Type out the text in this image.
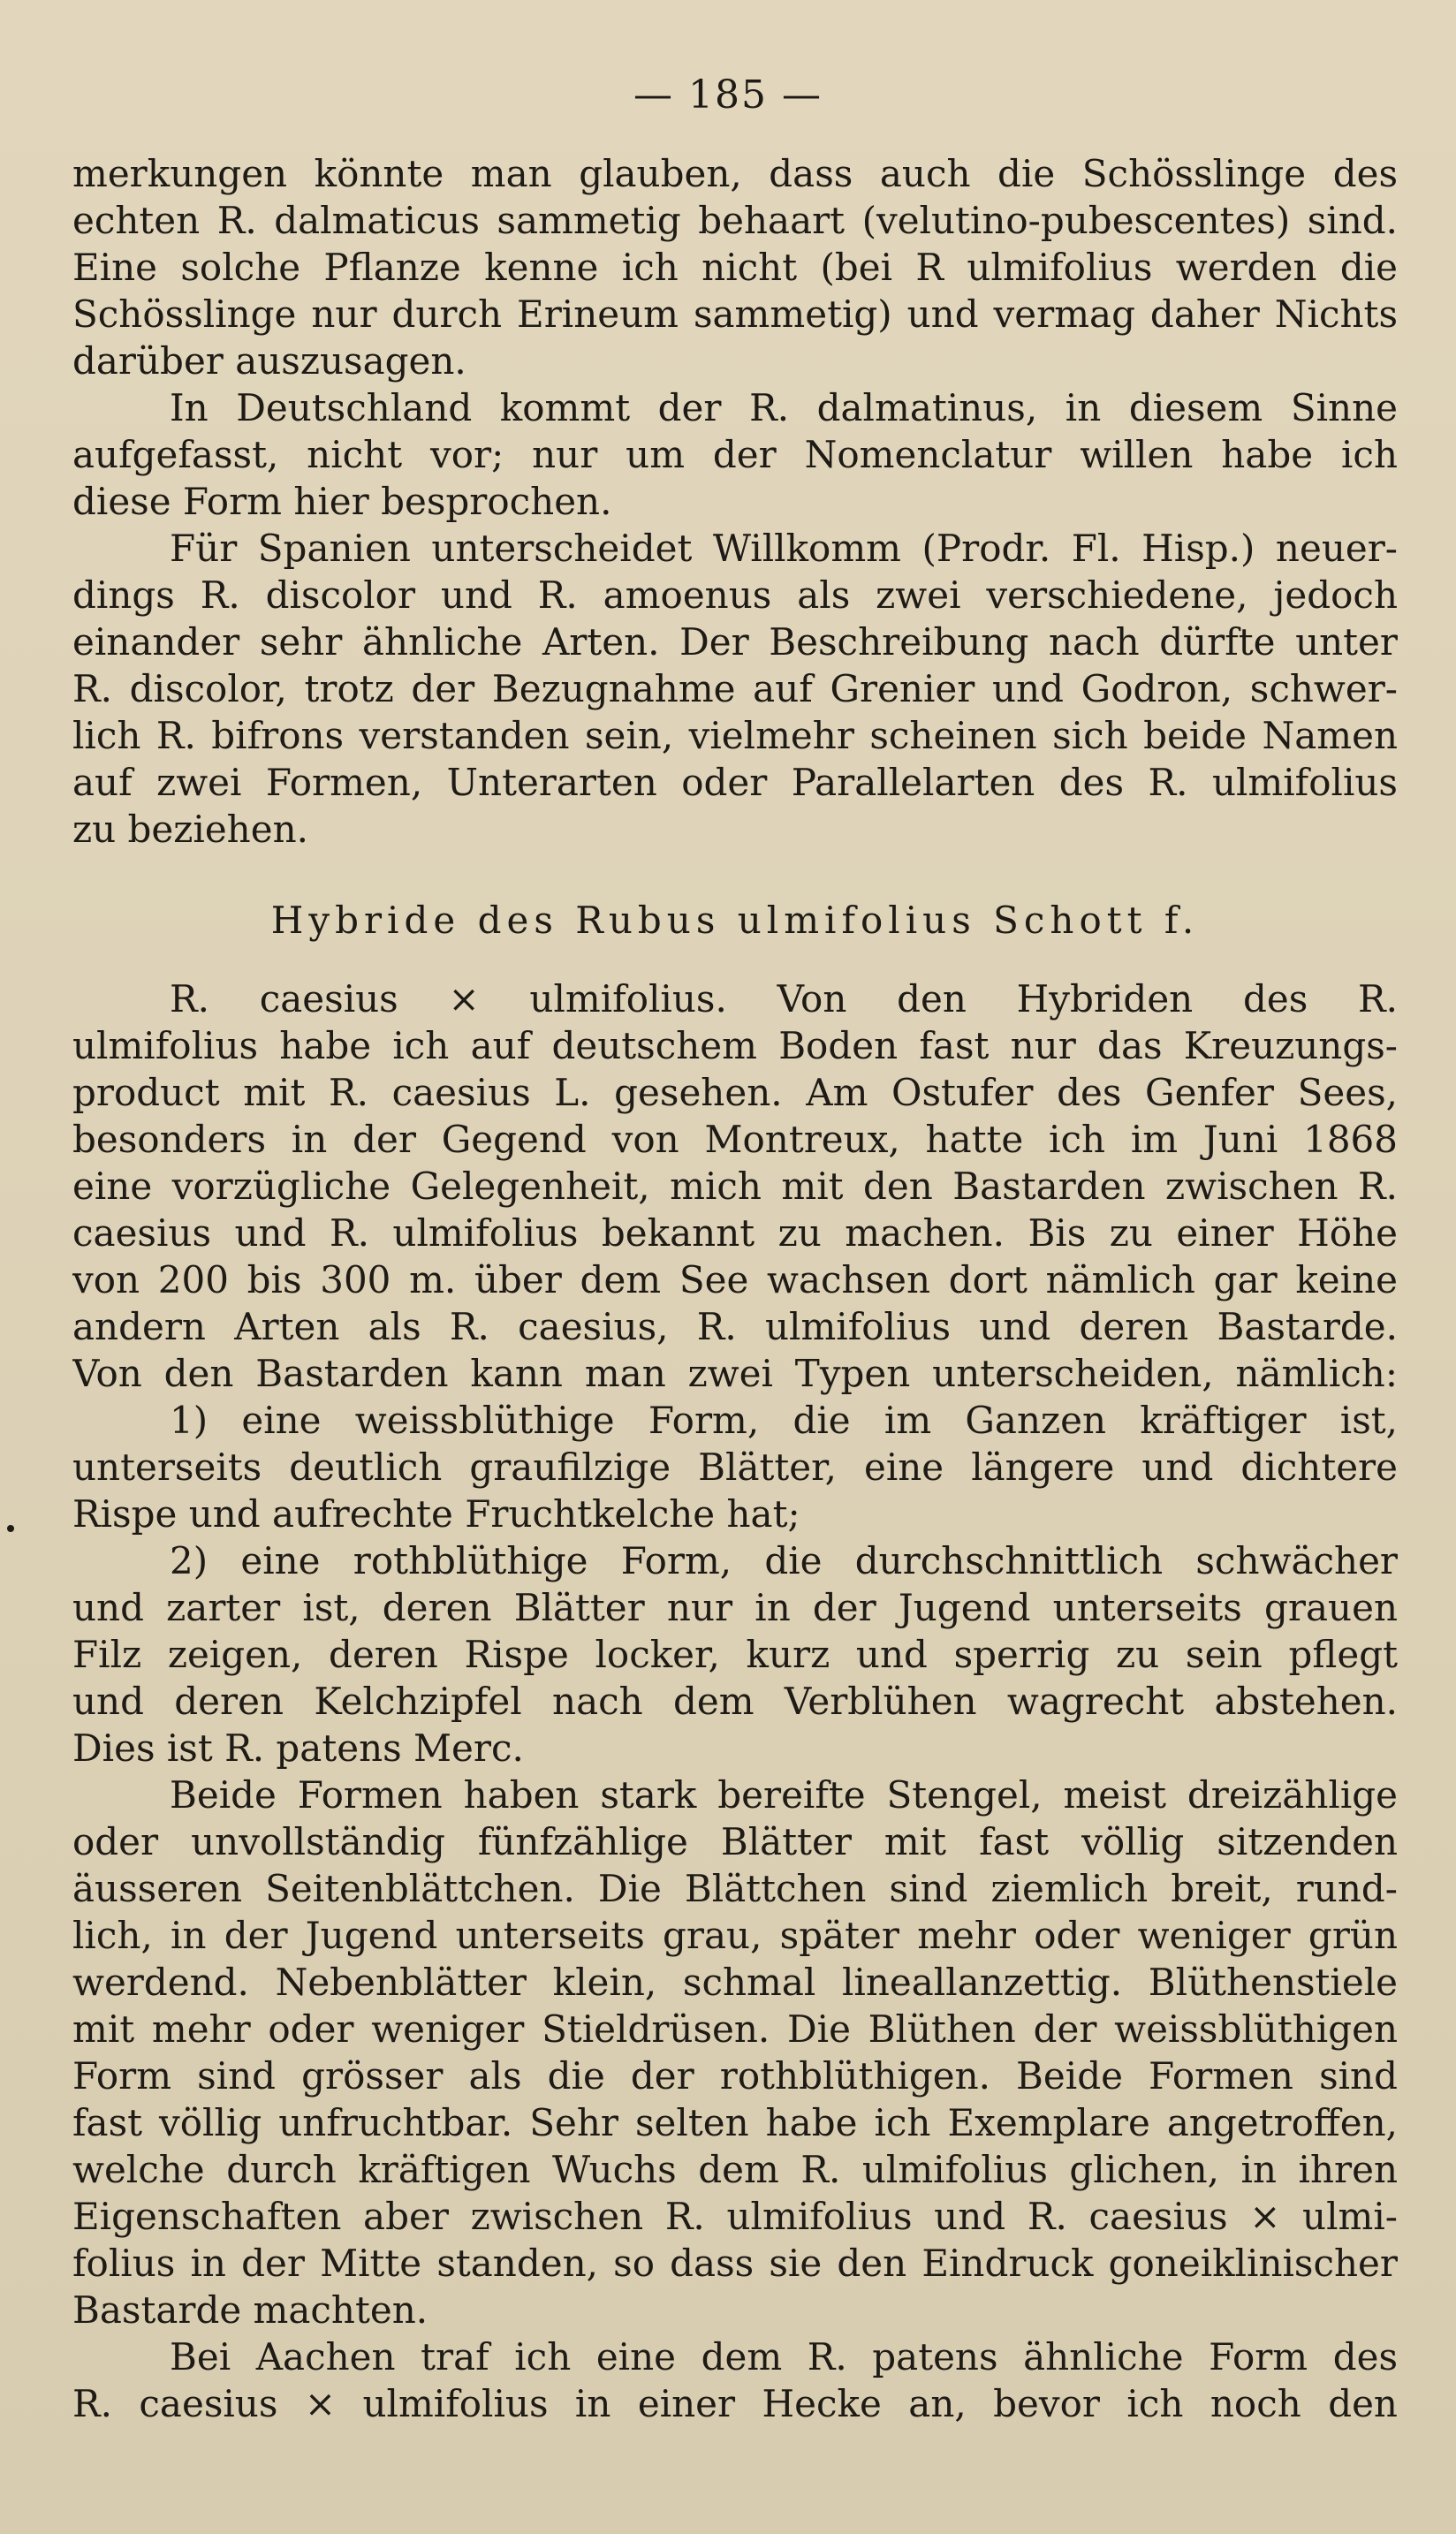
— 185 —
merkungen könnte man glauben, dass auch die Schösslinge des
echten R. dalmaticus sammetig behaart (velutino-pubescentes) sind.
Eine solche Pflanze kenne ich nicht (bei R ulmifolius werden die
Schösslinge nur durch Erineum sammetig) und vermag daher Nichts
darüber auszusagen.
In Deutschland kommt der R. dalmatinus, in diesem Sinne
aufgefasst, nicht vor; nur um der Nomenclatur willen habe ich
diese Form hier besprochen.
Für Spanien unterscheidet Willkomm (Prodr. Fl. Hisp.) neuer-
dings R. discolor und R. amoenus als zwei verschiedene, jedoch
einander sehr ähnliche Arten. Der Beschreibung nach dürfte unter
R. discolor, trotz der Bezugnahme auf Grenier und Godron, schwer-
lich R. bifrons verstanden sein, vielmehr scheinen sich beide Namen
auf zwei Formen, Unterarten oder Parallelarten des R. ulmifolius
zu beziehen.
Hybride des Rubus ulmifolius Schott f.
R. caesius × ulmifolius. Von den Hybriden des R.
ulmifolius habe ich auf deutschem Boden fast nur das Kreuzungs-
product mit R. caesius L. gesehen. Am Ostufer des Genfer Sees,
besonders in der Gegend von Montreux, hatte ich im Juni 1868
eine vorzügliche Gelegenheit, mich mit den Bastarden zwischen R.
caesius und R. ulmifolius bekannt zu machen. Bis zu einer Höhe
von 200 bis 300 m. über dem See wachsen dort nämlich gar keine
andern Arten als R. caesius, R. ulmifolius und deren Bastarde.
Von den Bastarden kann man zwei Typen unterscheiden, nämlich:
1) eine weissblüthige Form, die im Ganzen kräftiger ist,
unterseits deutlich graufilzige Blätter, eine längere und dichtere
Rispe und aufrechte Fruchtkelche hat;
2) eine rothblüthige Form, die durchschnittlich schwächer
und zarter ist, deren Blätter nur in der Jugend unterseits grauen
Filz zeigen, deren Rispe locker, kurz und sperrig zu sein pflegt
und deren Kelchzipfel nach dem Verblühen wagrecht abstehen.
Dies ist R. patens Merc.
Beide Formen haben stark bereifte Stengel, meist dreizählige
oder unvollständig fünfzählige Blätter mit fast völlig sitzenden
äusseren Seitenblättchen. Die Blättchen sind ziemlich breit, rund-
lich, in der Jugend unterseits grau, später mehr oder weniger grün
werdend. Nebenblätter klein, schmal lineallanzettig. Blüthenstiele
mit mehr oder weniger Stieldrüsen. Die Blüthen der weissblüthigen
Form sind grösser als die der rothblüthigen. Beide Formen sind
fast völlig unfruchtbar. Sehr selten habe ich Exemplare angetroffen,
welche durch kräftigen Wuchs dem R. ulmifolius glichen, in ihren
Eigenschaften aber zwischen R. ulmifolius und R. caesius × ulmi-
folius in der Mitte standen, so dass sie den Eindruck goneiklinischer
Bastarde machten.
Bei Aachen traf ich eine dem R. patens ähnliche Form des
R. caesius × ulmifolius in einer Hecke an, bevor ich noch den
